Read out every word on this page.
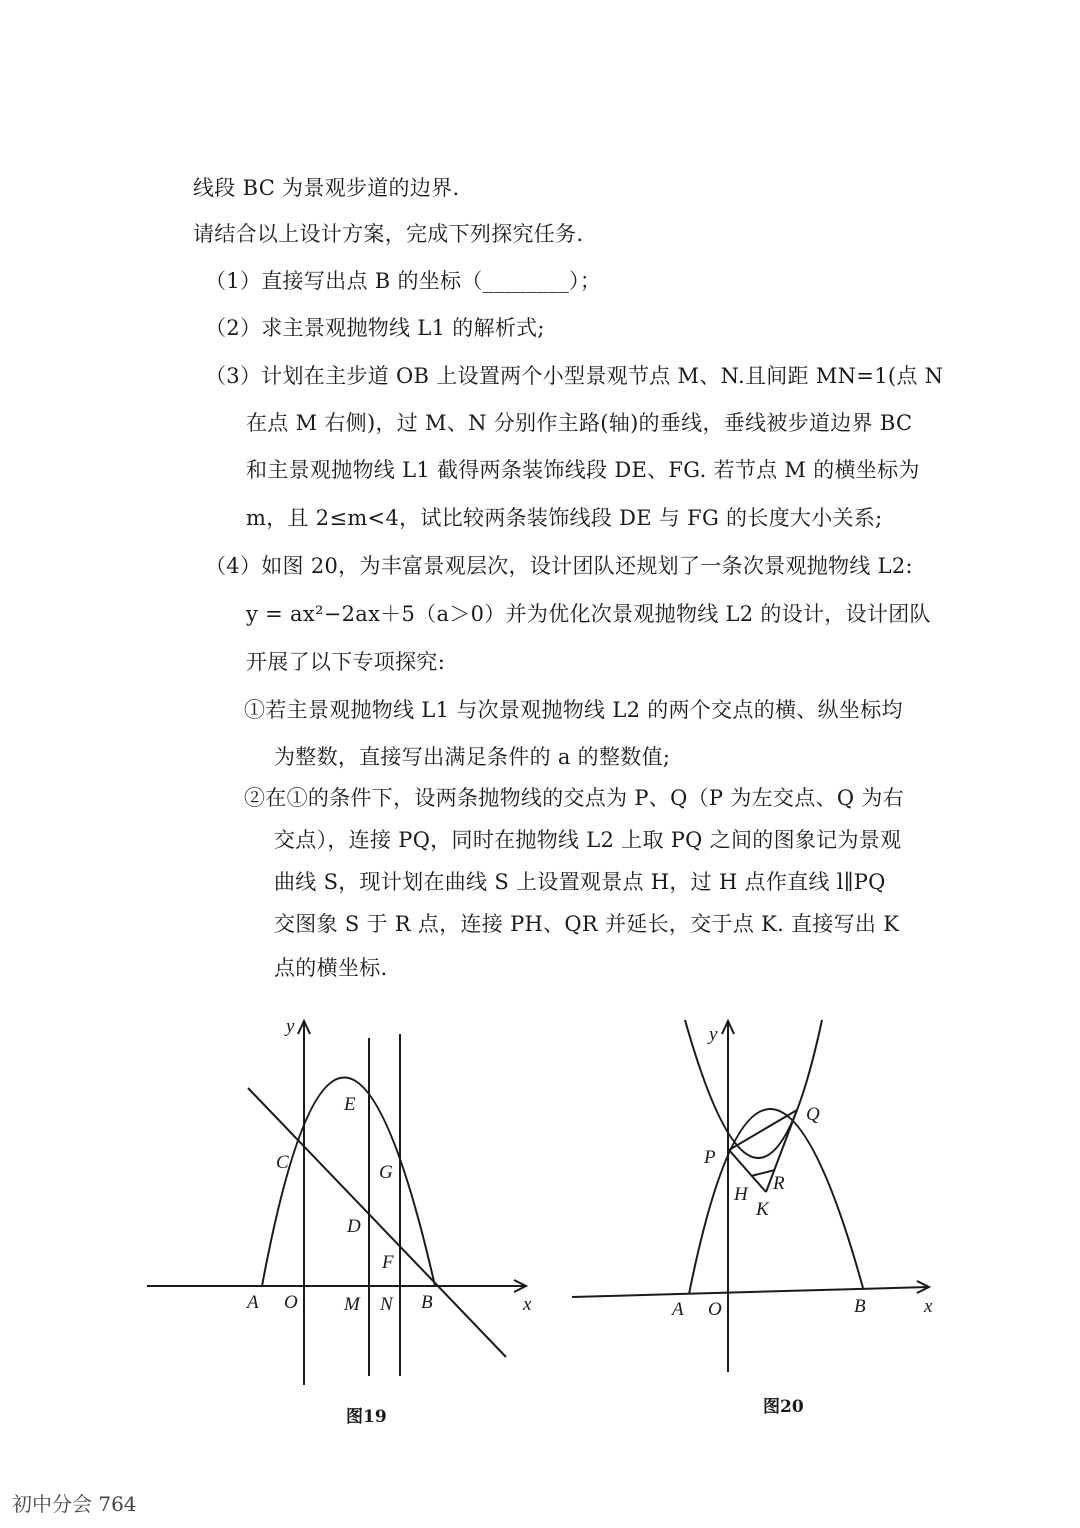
线段 BC 为景观步道的边界.
请结合以上设计方案，完成下列探究任务.
（1）直接写出点 B 的坐标（________）；
（2）求主景观抛物线 L1 的解析式;
（3）计划在主步道 OB 上设置两个小型景观节点 M、N.且间距 MN=1(点 N
在点 M 右侧)，过 M、N 分别作主路(轴)的垂线，垂线被步道边界 BC
和主景观抛物线 L1 截得两条装饰线段 DE、FG. 若节点 M 的横坐标为
m，且 2≤m<4，试比较两条装饰线段 DE 与 FG 的长度大小关系;
（4）如图 20，为丰富景观层次，设计团队还规划了一条次景观抛物线 L2:
y = ax²−2ax＋5（a＞0）并为优化次景观抛物线 L2 的设计，设计团队
开展了以下专项探究:
①若主景观抛物线 L1 与次景观抛物线 L2 的两个交点的横、纵坐标均
为整数，直接写出满足条件的 a 的整数值;
②在①的条件下，设两条抛物线的交点为 P、Q（P 为左交点、Q 为右
交点），连接 PQ，同时在抛物线 L2 上取 PQ 之间的图象记为景观
曲线 S，现计划在曲线 S 上设置观景点 H，过 H 点作直线 l∥PQ
交图象 S 于 R 点，连接 PH、QR 并延长，交于点 K. 直接写出 K
点的横坐标.
y
E
C	G
D
F
A O M N B	x
图19
y
Q
P
R
H
K
A O	B	x
图20
初中分会 764
